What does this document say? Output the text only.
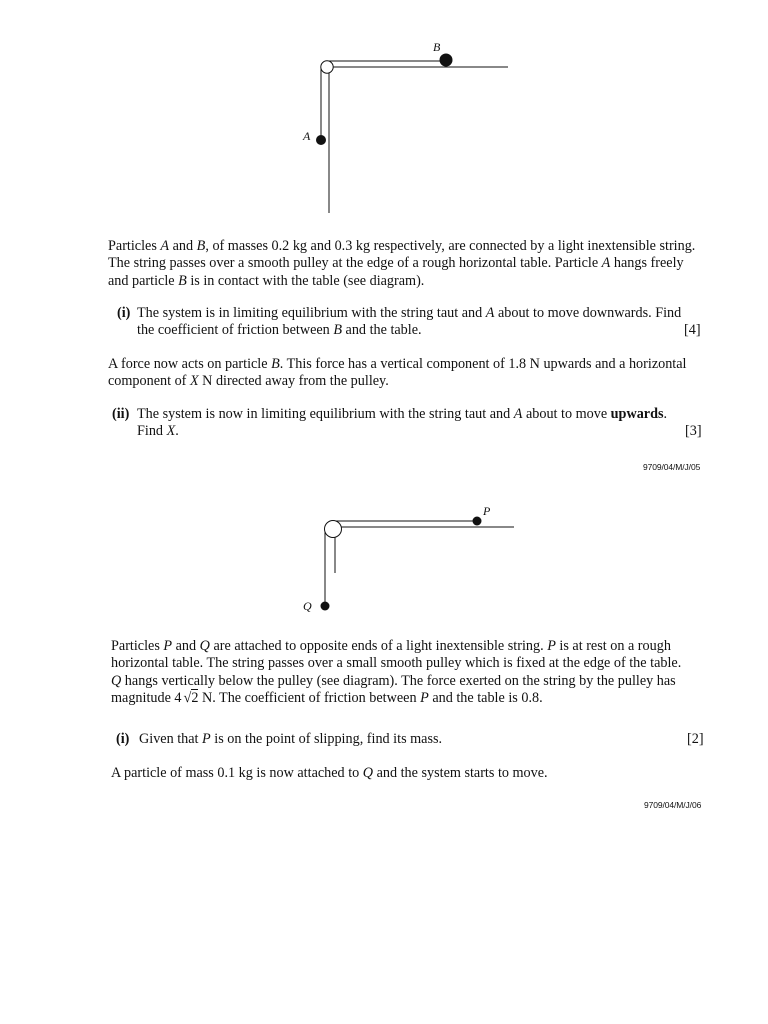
B
A
Particles A and B, of masses 0.2 kg and 0.3 kg respectively, are connected by a light inextensible string.
The string passes over a smooth pulley at the edge of a rough horizontal table. Particle A hangs freely
and particle B is in contact with the table (see diagram).
(i) The system is in limiting equilibrium with the string taut and A about to move downwards. Find
the coefficient of friction between B and the table.	[4]
A force now acts on particle B. This force has a vertical component of 1.8 N upwards and a horizontal
component of X N directed away from the pulley.
(ii) The system is now in limiting equilibrium with the string taut and A about to move upwards.
Find X.	[3]
9709/04/M/J/05
P
Q
Particles P and Q are attached to opposite ends of a light inextensible string. P is at rest on a rough
horizontal table. The string passes over a small smooth pulley which is fixed at the edge of the table.
Q hangs vertically below the pulley (see diagram). The force exerted on the string by the pulley has
magnitude 4 √2 N. The coefficient of friction between P and the table is 0.8.
(i) Given that P is on the point of slipping, find its mass.	[2]
A particle of mass 0.1 kg is now attached to Q and the system starts to move.
9709/04/M/J/06
